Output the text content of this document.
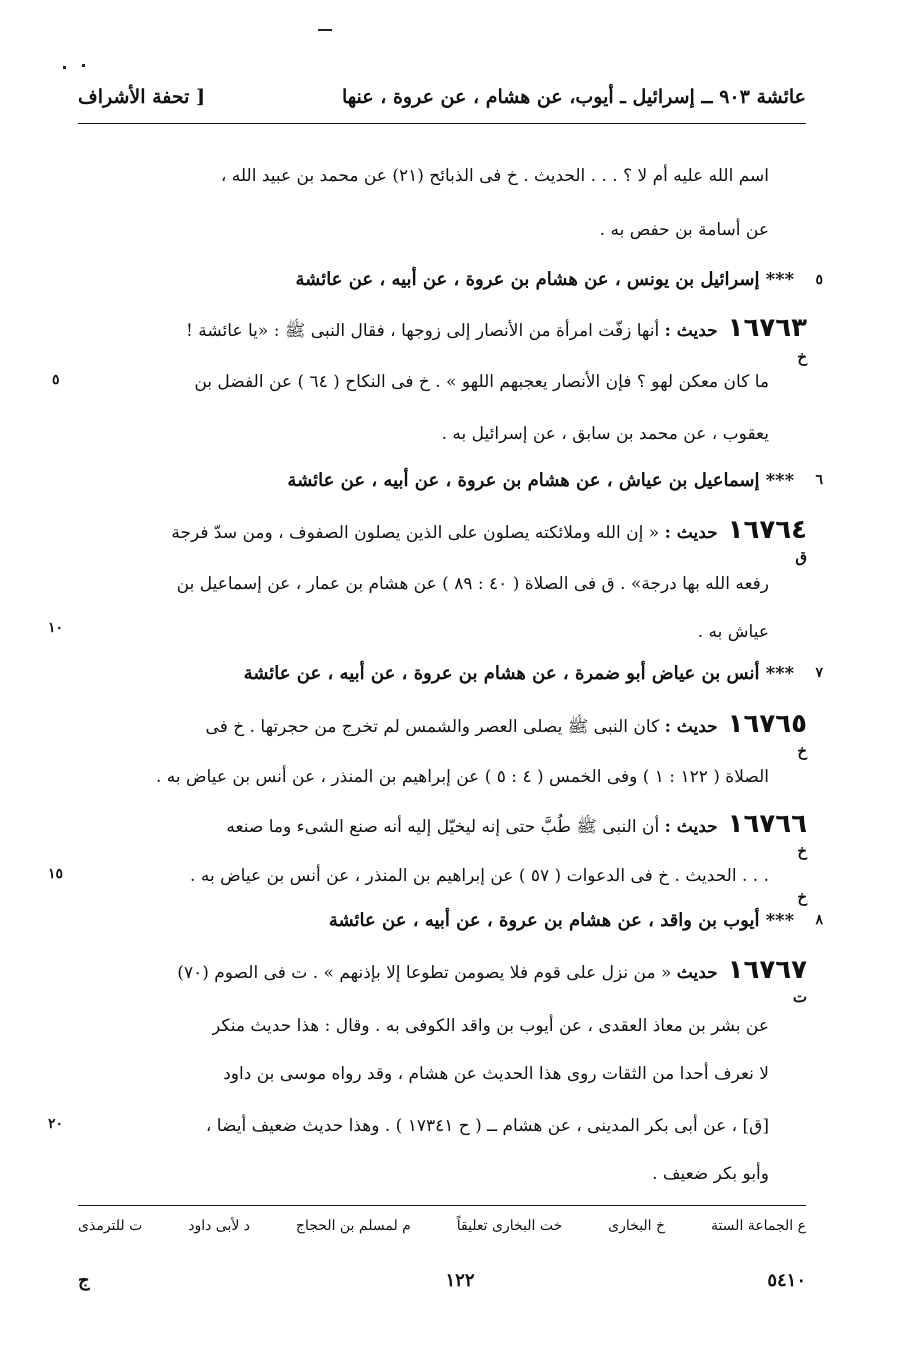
عائشة ٩٠٣ ــ إسرائيل ـ أيوب، عن هشام ، عن عروة ، عنها
[ تحفة الأشراف
اسم الله عليه أم لا ؟ . . . الحديث . خ فى الذبائح (٢١) عن محمد بن عبيد الله ،
عن أسامة بن حفص به .
*** إسرائيل بن يونس ، عن هشام بن عروة ، عن أبيه ، عن عائشة
١٦٧٦٣حديث : أنها زفّت امرأة من الأنصار إلى زوجها ، فقال النبى ﷺ : «يا عائشة !
ما كان معكن لهو ؟ فإن الأنصار يعجبهم اللهو » . خ فى النكاح ( ٦٤ ) عن الفضل بن
يعقوب ، عن محمد بن سابق ، عن إسرائيل به .
*** إسماعيل بن عياش ، عن هشام بن عروة ، عن أبيه ، عن عائشة
١٦٧٦٤حديث : « إن الله وملائكته يصلون على الذين يصلون الصفوف ، ومن سدّ فرجة
رفعه الله بها درجة» . ق فى الصلاة ( ٤٠ : ٨٩ ) عن هشام بن عمار ، عن إسماعيل بن
عياش به .
*** أنس بن عياض أبو ضمرة ، عن هشام بن عروة ، عن أبيه ، عن عائشة
١٦٧٦٥حديث : كان النبى ﷺ يصلى العصر والشمس لم تخرج من حجرتها . خ فى
الصلاة ( ١٢٢ : ١ ) وفى الخمس ( ٤ : ٥ ) عن إبراهيم بن المنذر ، عن أنس بن عياض به .
١٦٧٦٦حديث : أن النبى ﷺ طُبَّ حتى إنه ليخيّل إليه أنه صنع الشىء وما صنعه
. . . الحديث . خ فى الدعوات ( ٥٧ ) عن إبراهيم بن المنذر ، عن أنس بن عياض به .
*** أيوب بن واقد ، عن هشام بن عروة ، عن أبيه ، عن عائشة
١٦٧٦٧حديث « من نزل على قوم فلا يصومن تطوعا إلا بإذنهم » . ت فى الصوم (٧٠)
عن بشر بن معاذ العقدى ، عن أيوب بن واقد الكوفى به . وقال : هذا حديث منكر
لا نعرف أحدا من الثقات روى هذا الحديث عن هشام ، وقد رواه موسى بن داود
[ق] ، عن أبى بكر المدينى ، عن هشام ــ ( ح ١٧٣٤١ ) . وهذا حديث ضعيف أيضا ،
وأبو بكر ضعيف .
خ
خ
ق
خ
خ
ت
٥
١٠
١٥
٢٠
٥
٦
٧
٨
ع الجماعة الستة
خ البخارى
خت البخارى تعليقاً
م لمسلم بن الحجاج
د لأبى داود
ت للترمذى
ج	١٢٢	٥٤١٠
